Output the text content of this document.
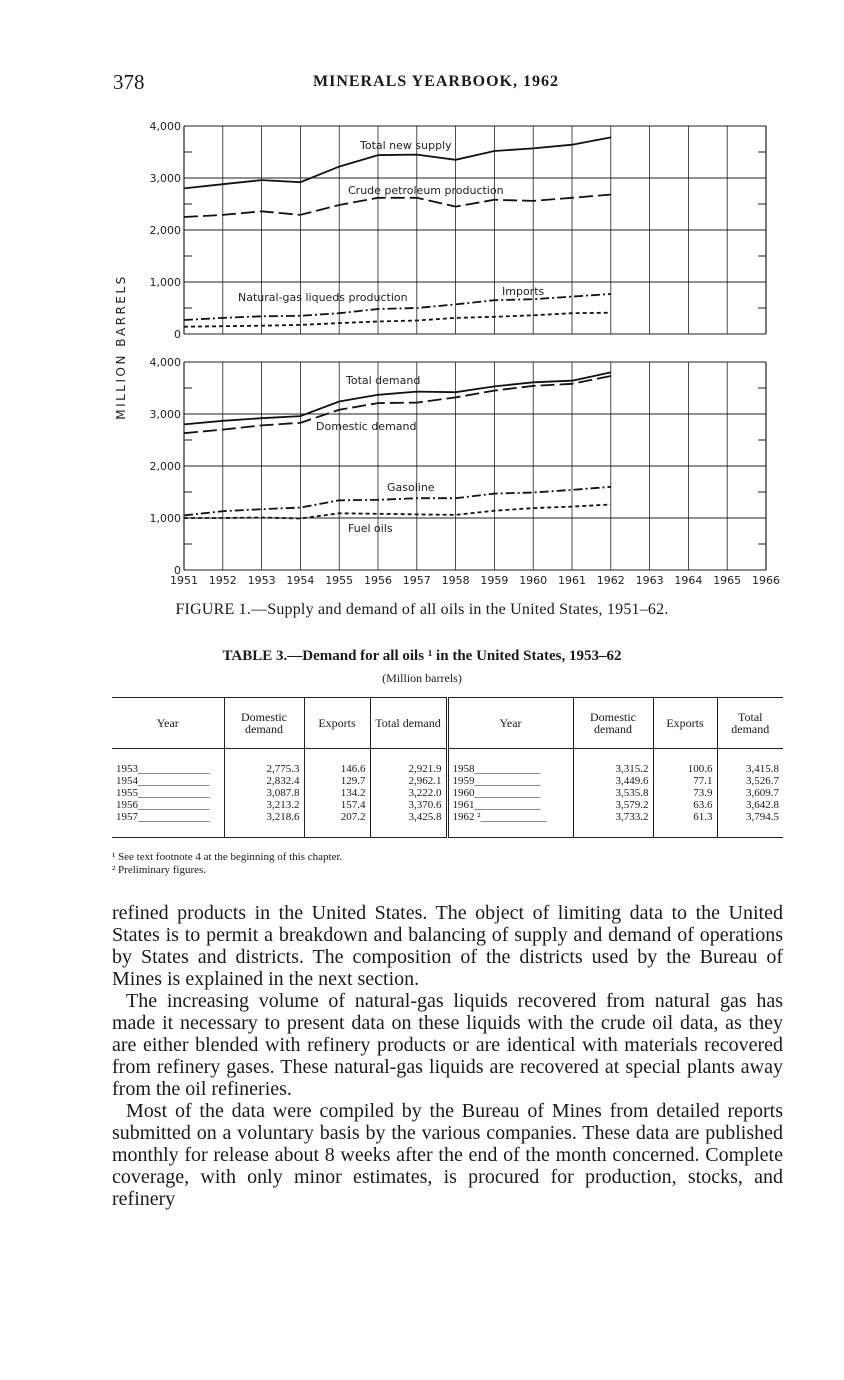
378	MINERALS YEARBOOK, 1962
4,000
3,000
2,000
1,000
0
4,000
3,000
2,000
1,000
0
1951 1952 1953 1954 1955 1956 1957 1958 1959 1960 1961 1962 1963 1964 1965 1966
MILLION BARRELS
Total new supply
Crude petroleum production
Natural-gas liqueds production	Imports
Total demand
Domestic demand
Gasoline
Fuel oils
FIGURE 1.—Supply and demand of all oils in the United States, 1951–62.
TABLE 3.—Demand for all oils ¹ in the United States, 1953–62
(Million barrels)
Year	Domestic demand	Exports	Total demand	Year	Domestic demand	Exports	Total demand

1953_____________	2,775.3	146.6	2,921.9	1958____________	3,315.2	100.6	3,415.8
1954_____________	2,832.4	129.7	2,962.1	1959____________	3,449.6	77.1	3,526.7
1955_____________	3,087.8	134.2	3,222.0	1960____________	3,535.8	73.9	3,609.7
1956_____________	3,213.2	157.4	3,370.6	1961____________	3,579.2	63.6	3,642.8
1957_____________	3,218.6	207.2	3,425.8	1962 ²____________	3,733.2	61.3	3,794.5
¹ See text footnote 4 at the beginning of this chapter.
² Preliminary figures.

refined products in the United States. The object of limiting data to the United States is to permit a breakdown and balancing of supply and demand of operations by States and districts. The composition of the districts used by the Bureau of Mines is explained in the next section.

The increasing volume of natural-gas liquids recovered from natural gas has made it necessary to present data on these liquids with the crude oil data, as they are either blended with refinery products or are identical with materials recovered from refinery gases. These natural-gas liquids are recovered at special plants away from the oil refineries.

Most of the data were compiled by the Bureau of Mines from detailed reports submitted on a voluntary basis by the various companies. These data are published monthly for release about 8 weeks after the end of the month concerned. Complete coverage, with only minor estimates, is procured for production, stocks, and refinery
